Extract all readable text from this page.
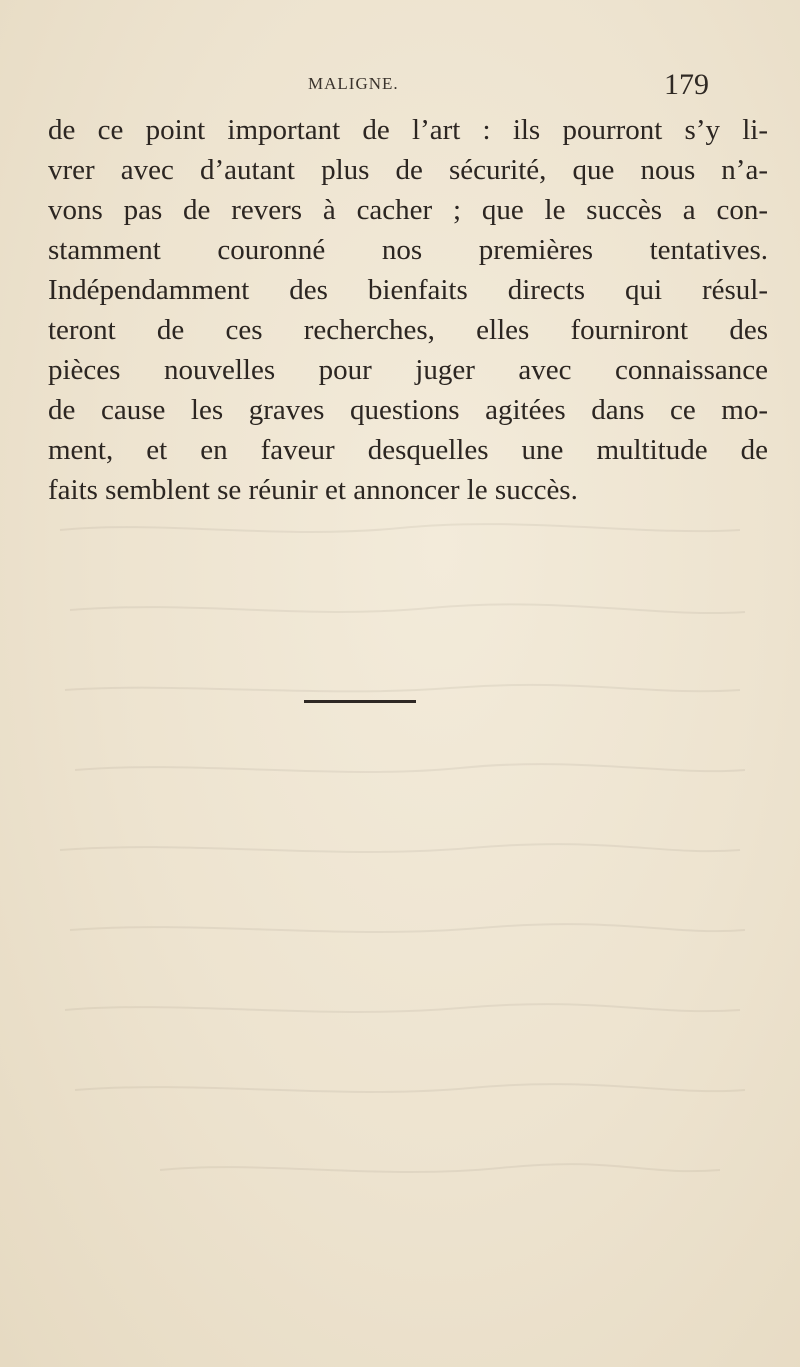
MALIGNE.	179
de ce point important de l’art : ils pourront s’y li-
vrer avec d’autant plus de sécurité, que nous n’a-
vons pas de revers à cacher ; que le succès a con-
stamment couronné nos premières tentatives.
Indépendamment des bienfaits directs qui résul-
teront de ces recherches, elles fourniront des
pièces nouvelles pour juger avec connaissance
de cause les graves questions agitées dans ce mo-
ment, et en faveur desquelles une multitude de
faits semblent se réunir et annoncer le succès.
